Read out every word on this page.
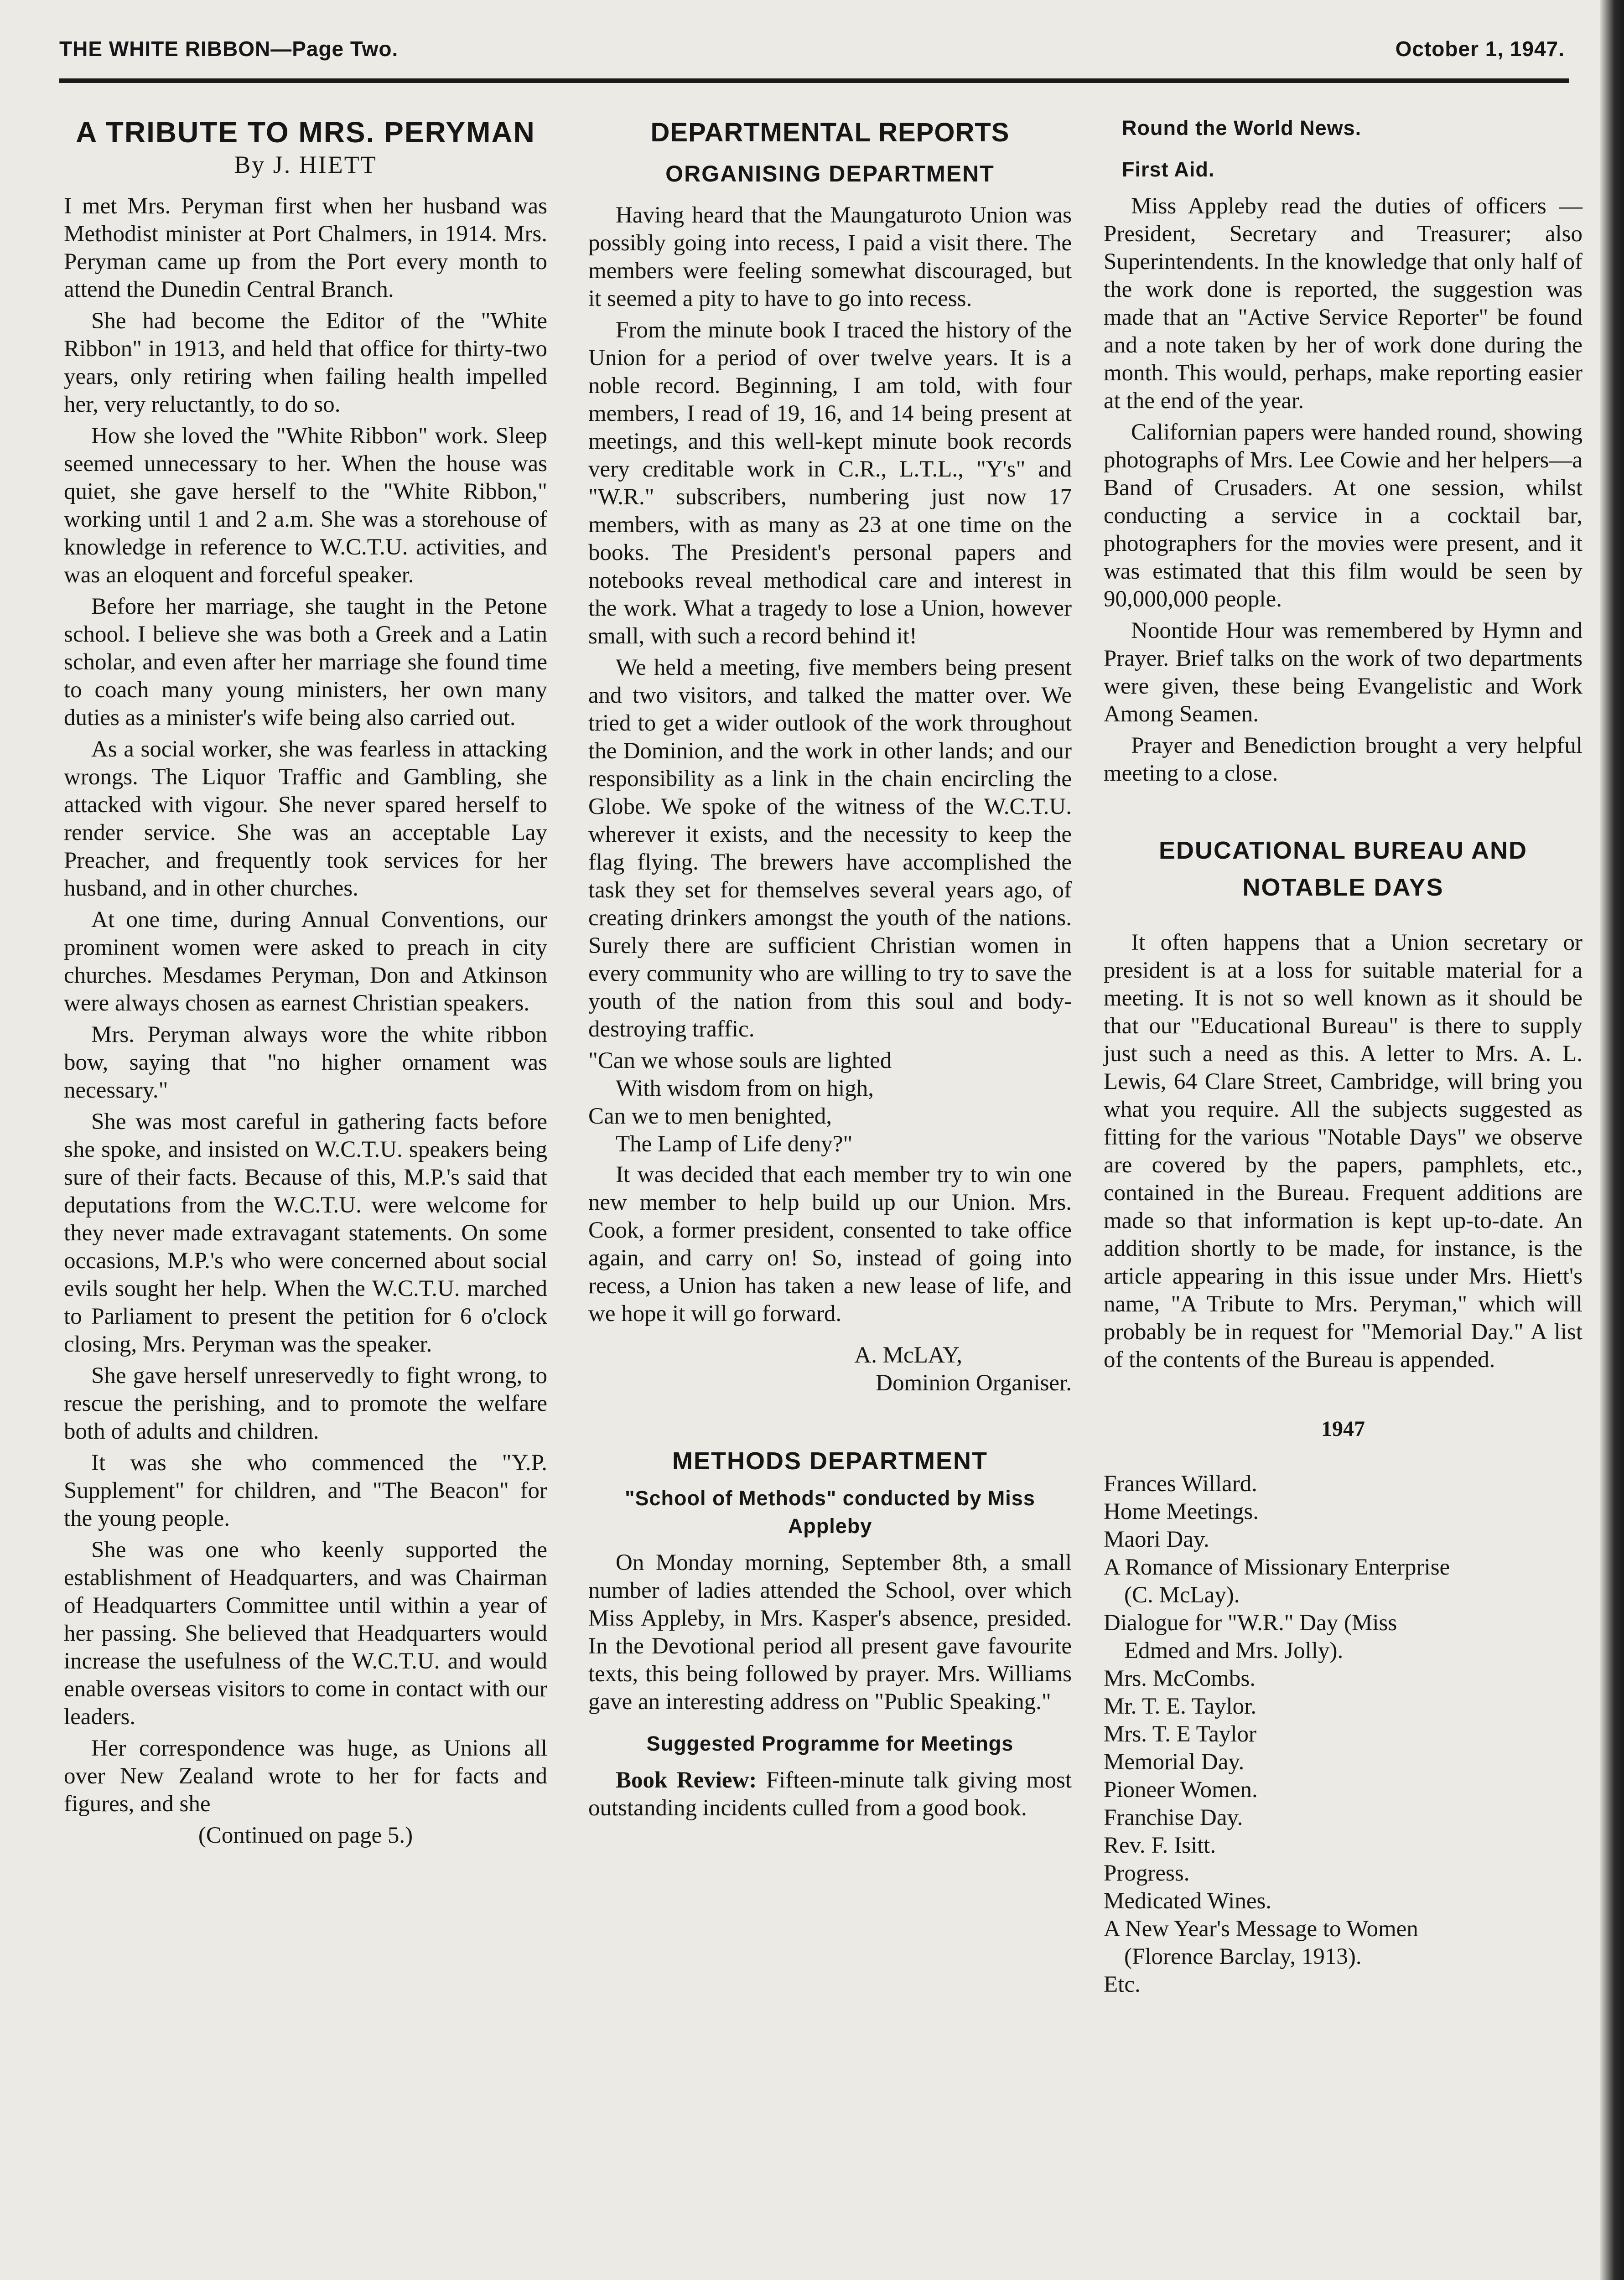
THE WHITE RIBBON—Page Two.	October 1, 1947.
A TRIBUTE TO MRS. PERYMAN
By J. HIETT

I met Mrs. Peryman first when her husband was Methodist minister at Port Chalmers, in 1914. Mrs. Peryman came up from the Port every month to attend the Dunedin Central Branch.

She had become the Editor of the "White Ribbon" in 1913, and held that office for thirty-two years, only retiring when failing health impelled her, very reluctantly, to do so.

How she loved the "White Ribbon" work. Sleep seemed unnecessary to her. When the house was quiet, she gave herself to the "White Ribbon," working until 1 and 2 a.m. She was a storehouse of knowledge in reference to W.C.T.U. activities, and was an eloquent and forceful speaker.

Before her marriage, she taught in the Petone school. I believe she was both a Greek and a Latin scholar, and even after her marriage she found time to coach many young ministers, her own many duties as a minister's wife being also carried out.

As a social worker, she was fearless in attacking wrongs. The Liquor Traffic and Gambling, she attacked with vigour. She never spared herself to render service. She was an acceptable Lay Preacher, and frequently took services for her husband, and in other churches.

At one time, during Annual Conventions, our prominent women were asked to preach in city churches. Mesdames Peryman, Don and Atkinson were always chosen as earnest Christian speakers.

Mrs. Peryman always wore the white ribbon bow, saying that "no higher ornament was necessary."

She was most careful in gathering facts before she spoke, and insisted on W.C.T.U. speakers being sure of their facts. Because of this, M.P.'s said that deputations from the W.C.T.U. were welcome for they never made extravagant statements. On some occasions, M.P.'s who were concerned about social evils sought her help. When the W.C.T.U. marched to Parliament to present the petition for 6 o'clock closing, Mrs. Peryman was the speaker.

She gave herself unreservedly to fight wrong, to rescue the perishing, and to promote the welfare both of adults and children.

It was she who commenced the "Y.P. Supplement" for children, and "The Beacon" for the young people.

She was one who keenly supported the establishment of Headquarters, and was Chairman of Headquarters Committee until within a year of her passing. She believed that Headquarters would increase the usefulness of the W.C.T.U. and would enable overseas visitors to come in contact with our leaders.

Her correspondence was huge, as Unions all over New Zealand wrote to her for facts and figures, and she

(Continued on page 5.)
DEPARTMENTAL REPORTS
ORGANISING DEPARTMENT

Having heard that the Maungaturoto Union was possibly going into recess, I paid a visit there. The members were feeling somewhat discouraged, but it seemed a pity to have to go into recess.

From the minute book I traced the history of the Union for a period of over twelve years. It is a noble record. Beginning, I am told, with four members, I read of 19, 16, and 14 being present at meetings, and this well-kept minute book records very creditable work in C.R., L.T.L., "Y's" and "W.R." subscribers, numbering just now 17 members, with as many as 23 at one time on the books. The President's personal papers and notebooks reveal methodical care and interest in the work. What a tragedy to lose a Union, however small, with such a record behind it!

We held a meeting, five members being present and two visitors, and talked the matter over. We tried to get a wider outlook of the work throughout the Dominion, and the work in other lands; and our responsibility as a link in the chain encircling the Globe. We spoke of the witness of the W.C.T.U. wherever it exists, and the necessity to keep the flag flying. The brewers have accomplished the task they set for themselves several years ago, of creating drinkers amongst the youth of the nations. Surely there are sufficient Christian women in every community who are willing to try to save the youth of the nation from this soul and body-destroying traffic.

"Can we whose souls are lighted
With wisdom from on high,
Can we to men benighted,
The Lamp of Life deny?"

It was decided that each member try to win one new member to help build up our Union. Mrs. Cook, a former president, consented to take office again, and carry on! So, instead of going into recess, a Union has taken a new lease of life, and we hope it will go forward.

A. McLAY,
Dominion Organiser.
METHODS DEPARTMENT
"School of Methods" conducted by Miss Appleby

On Monday morning, September 8th, a small number of ladies attended the School, over which Miss Appleby, in Mrs. Kasper's absence, presided. In the Devotional period all present gave favourite texts, this being followed by prayer. Mrs. Williams gave an interesting address on "Public Speaking."

Suggested Programme for Meetings

Book Review: Fifteen-minute talk giving most outstanding incidents culled from a good book.

Round the World News.
First Aid.

Miss Appleby read the duties of officers — President, Secretary and Treasurer; also Superintendents. In the knowledge that only half of the work done is reported, the suggestion was made that an "Active Service Reporter" be found and a note taken by her of work done during the month. This would, perhaps, make reporting easier at the end of the year.

Californian papers were handed round, showing photographs of Mrs. Lee Cowie and her helpers—a Band of Crusaders. At one session, whilst conducting a service in a cocktail bar, photographers for the movies were present, and it was estimated that this film would be seen by 90,000,000 people.

Noontide Hour was remembered by Hymn and Prayer. Brief talks on the work of two departments were given, these being Evangelistic and Work Among Seamen.

Prayer and Benediction brought a very helpful meeting to a close.

EDUCATIONAL BUREAU AND
NOTABLE DAYS

It often happens that a Union secretary or president is at a loss for suitable material for a meeting. It is not so well known as it should be that our "Educational Bureau" is there to supply just such a need as this. A letter to Mrs. A. L. Lewis, 64 Clare Street, Cambridge, will bring you what you require. All the subjects suggested as fitting for the various "Notable Days" we observe are covered by the papers, pamphlets, etc., contained in the Bureau. Frequent additions are made so that information is kept up-to-date. An addition shortly to be made, for instance, is the article appearing in this issue under Mrs. Hiett's name, "A Tribute to Mrs. Peryman," which will probably be in request for "Memorial Day." A list of the contents of the Bureau is appended.

1947
Frances Willard.
Home Meetings.
Maori Day.
A Romance of Missionary Enterprise
(C. McLay).
Dialogue for "W.R." Day (Miss
Edmed and Mrs. Jolly).
Mrs. McCombs.
Mr. T. E. Taylor.
Mrs. T. E Taylor
Memorial Day.
Pioneer Women.
Franchise Day.
Rev. F. Isitt.
Progress.
Medicated Wines.
A New Year's Message to Women
(Florence Barclay, 1913).
Etc.
